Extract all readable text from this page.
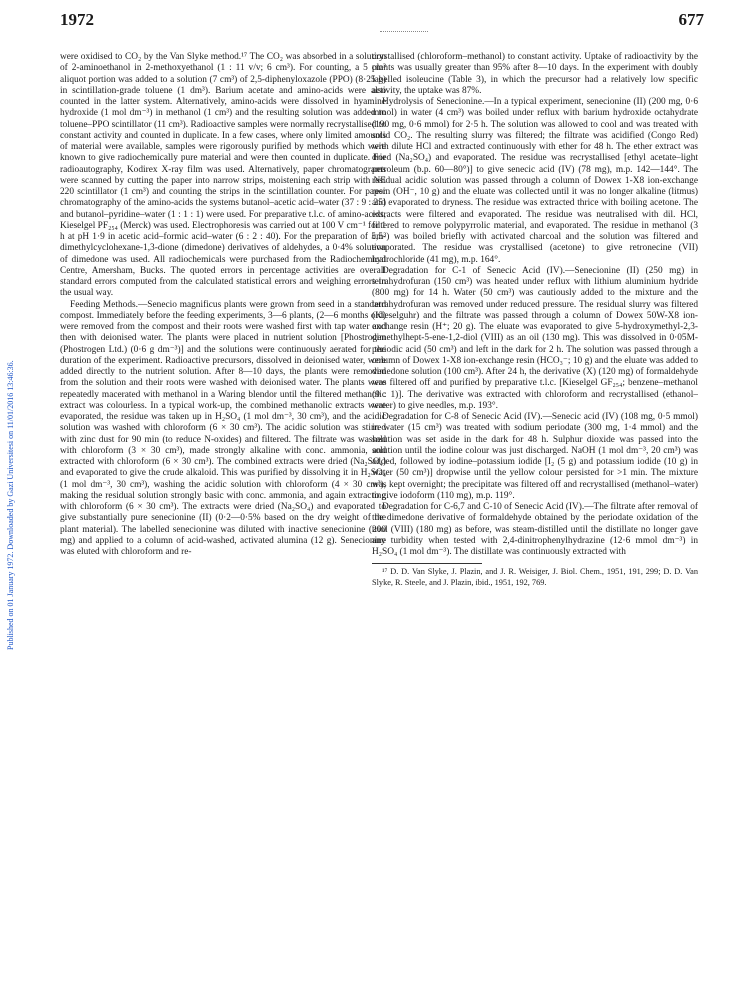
1972	677
Published on 01 January 1972. Downloaded by Gazi Universitesi on 11/01/2016 13:46:36.

were oxidised to CO₂ by the Van Slyke method.¹⁷ The CO₂ was absorbed in a solution of 2-aminoethanol in 2-methoxyethanol (1 : 11 v/v; 6 cm³). For counting, a 5 cm³ aliquot portion was added to a solution (7 cm³) of 2,5-diphenyloxazole (PPO) (8·25 g) in scintillation-grade toluene (1 dm³). Barium acetate and amino-acids were also counted in the latter system. Alternatively, amino-acids were dissolved in hyamine hydroxide (1 mol dm⁻³) in methanol (1 cm³) and the resulting solution was added to toluene–PPO scintillator (11 cm³). Radioactive samples were normally recrystallised to constant activity and counted in duplicate. In a few cases, where only limited amounts of material were available, samples were rigorously purified by methods which were known to give radiochemically pure material and were then counted in duplicate. For radioautography, Kodirex X-ray film was used. Alternatively, paper chromatograms were scanned by cutting the paper into narrow strips, moistening each strip with NE 220 scintillator (1 cm³) and counting the strips in the scintillation counter. For paper chromatography of the amino-acids the systems butanol–acetic acid–water (37 : 9 : 25) and butanol–pyridine–water (1 : 1 : 1) were used. For preparative t.l.c. of amino-acids, Kieselgel PF₂₅₄ (Merck) was used. Electrophoresis was carried out at 100 V cm⁻¹ for 1 h at pH 1·9 in acetic acid–formic acid–water (6 : 2 : 40). For the preparation of 5,5-dimethylcyclohexane-1,3-dione (dimedone) derivatives of aldehydes, a 0·4% solution of dimedone was used. All radiochemicals were purchased from the Radiochemical Centre, Amersham, Bucks. The quoted errors in percentage activities are overall standard errors computed from the calculated statistical errors and weighing errors in the usual way.

Feeding Methods.—Senecio magnificus plants were grown from seed in a standard compost. Immediately before the feeding experiments, 3—6 plants, (2—6 months old) were removed from the compost and their roots were washed first with tap water and then with deionised water. The plants were placed in nutrient solution [Phostrogen (Phostrogen Ltd.) (0·6 g dm⁻³)] and the solutions were continuously aerated for the duration of the experiment. Radioactive precursors, dissolved in deionised water, were added directly to the nutrient solution. After 8—10 days, the plants were removed from the solution and their roots were washed with deionised water. The plants were repeatedly macerated with methanol in a Waring blendor until the filtered methanolic extract was colourless. In a typical work-up, the combined methanolic extracts were evaporated, the residue was taken up in H₂SO₄ (1 mol dm⁻³, 30 cm³), and the acidic solution was washed with chloroform (6 × 30 cm³). The acidic solution was stirred with zinc dust for 90 min (to reduce N-oxides) and filtered. The filtrate was washed with chloroform (3 × 30 cm³), made strongly alkaline with conc. ammonia, and extracted with chloroform (6 × 30 cm³). The combined extracts were dried (Na₂SO₄) and evaporated to give the crude alkaloid. This was purified by dissolving it in H₂SO₄ (1 mol dm⁻³, 30 cm³), washing the acidic solution with chloroform (4 × 30 cm³), making the residual solution strongly basic with conc. ammonia, and again extracting with chloroform (6 × 30 cm³). The extracts were dried (Na₂SO₄) and evaporated to give substantially pure senecionine (II) (0·2—0·5% based on the dry weight of the plant material). The labelled senecionine was diluted with inactive senecionine (200 mg) and applied to a column of acid-washed, activated alumina (12 g). Senecionine was eluted with chloroform and re-

crystallised (chloroform–methanol) to constant activity. Uptake of radioactivity by the plants was usually greater than 95% after 8—10 days. In the experiment with doubly labelled isoleucine (Table 3), in which the precursor had a relatively low specific activity, the uptake was 87%.

Hydrolysis of Senecionine.—In a typical experiment, senecionine (II) (200 mg, 0·6 mmol) in water (4 cm³) was boiled under reflux with barium hydroxide octahydrate (190 mg, 0·6 mmol) for 2·5 h. The solution was allowed to cool and was treated with solid CO₂. The resulting slurry was filtered; the filtrate was acidified (Congo Red) with dilute HCl and extracted continuously with ether for 48 h. The ether extract was dried (Na₂SO₄) and evaporated. The residue was recrystallised [ethyl acetate–light petroleum (b.p. 60—80°)] to give senecic acid (IV) (78 mg), m.p. 142—144°. The residual acidic solution was passed through a column of Dowex 1-X8 ion-exchange resin (OH⁻, 10 g) and the eluate was collected until it was no longer alkaline (litmus) and evaporated to dryness. The residue was extracted thrice with boiling acetone. The extracts were filtered and evaporated. The residue was neutralised with dil. HCl, filtered to remove polypyrrolic material, and evaporated. The residue in methanol (3 cm³) was boiled briefly with activated charcoal and the solution was filtered and evaporated. The residue was crystallised (acetone) to give retronecine (VII) hydrochloride (41 mg), m.p. 164°.

Degradation for C-1 of Senecic Acid (IV).—Senecionine (II) (250 mg) in tetrahydrofuran (150 cm³) was heated under reflux with lithium aluminium hydride (800 mg) for 14 h. Water (50 cm³) was cautiously added to the mixture and the tetrahydrofuran was removed under reduced pressure. The residual slurry was filtered (Kieselguhr) and the filtrate was passed through a column of Dowex 50W-X8 ion-exchange resin (H⁺; 20 g). The eluate was evaporated to give 5-hydroxymethyl-2,3-dimethylhept-5-ene-1,2-diol (VIII) as an oil (130 mg). This was dissolved in 0·05M-periodic acid (50 cm³) and left in the dark for 2 h. The solution was passed through a column of Dowex 1-X8 ion-exchange resin (HCO₃⁻; 10 g) and the eluate was added to dimedone solution (100 cm³). After 24 h, the derivative (X) (120 mg) of formaldehyde was filtered off and purified by preparative t.l.c. [Kieselgel GF₂₅₄; benzene–methanol (9 : 1)]. The derivative was extracted with chloroform and recrystallised (ethanol–water) to give needles, m.p. 193°.

Degradation for C-8 of Senecic Acid (IV).—Senecic acid (IV) (108 mg, 0·5 mmol) in water (15 cm³) was treated with sodium periodate (300 mg, 1·4 mmol) and the solution was set aside in the dark for 48 h. Sulphur dioxide was passed into the solution until the iodine colour was just discharged. NaOH (1 mol dm⁻³, 20 cm³) was added, followed by iodine–potassium iodide [I₂ (5 g) and potassium iodide (10 g) in water (50 cm³)] dropwise until the yellow colour persisted for >1 min. The mixture was kept overnight; the precipitate was filtered off and recrystallised (methanol–water) to give iodoform (110 mg), m.p. 119°.

Degradation for C-6,7 and C-10 of Senecic Acid (IV).—The filtrate after removal of the dimedone derivative of formaldehyde obtained by the periodate oxidation of the triol (VIII) (180 mg) as before, was steam-distilled until the distillate no longer gave any turbidity when tested with 2,4-dinitrophenylhydrazine (12·6 mmol dm⁻³) in H₂SO₄ (1 mol dm⁻³). The distillate was continuously extracted with

¹⁷ D. D. Van Slyke, J. Plazin, and J. R. Weisiger, J. Biol. Chem., 1951, 191, 299; D. D. Van Slyke, R. Steele, and J. Plazin, ibid., 1951, 192, 769.
